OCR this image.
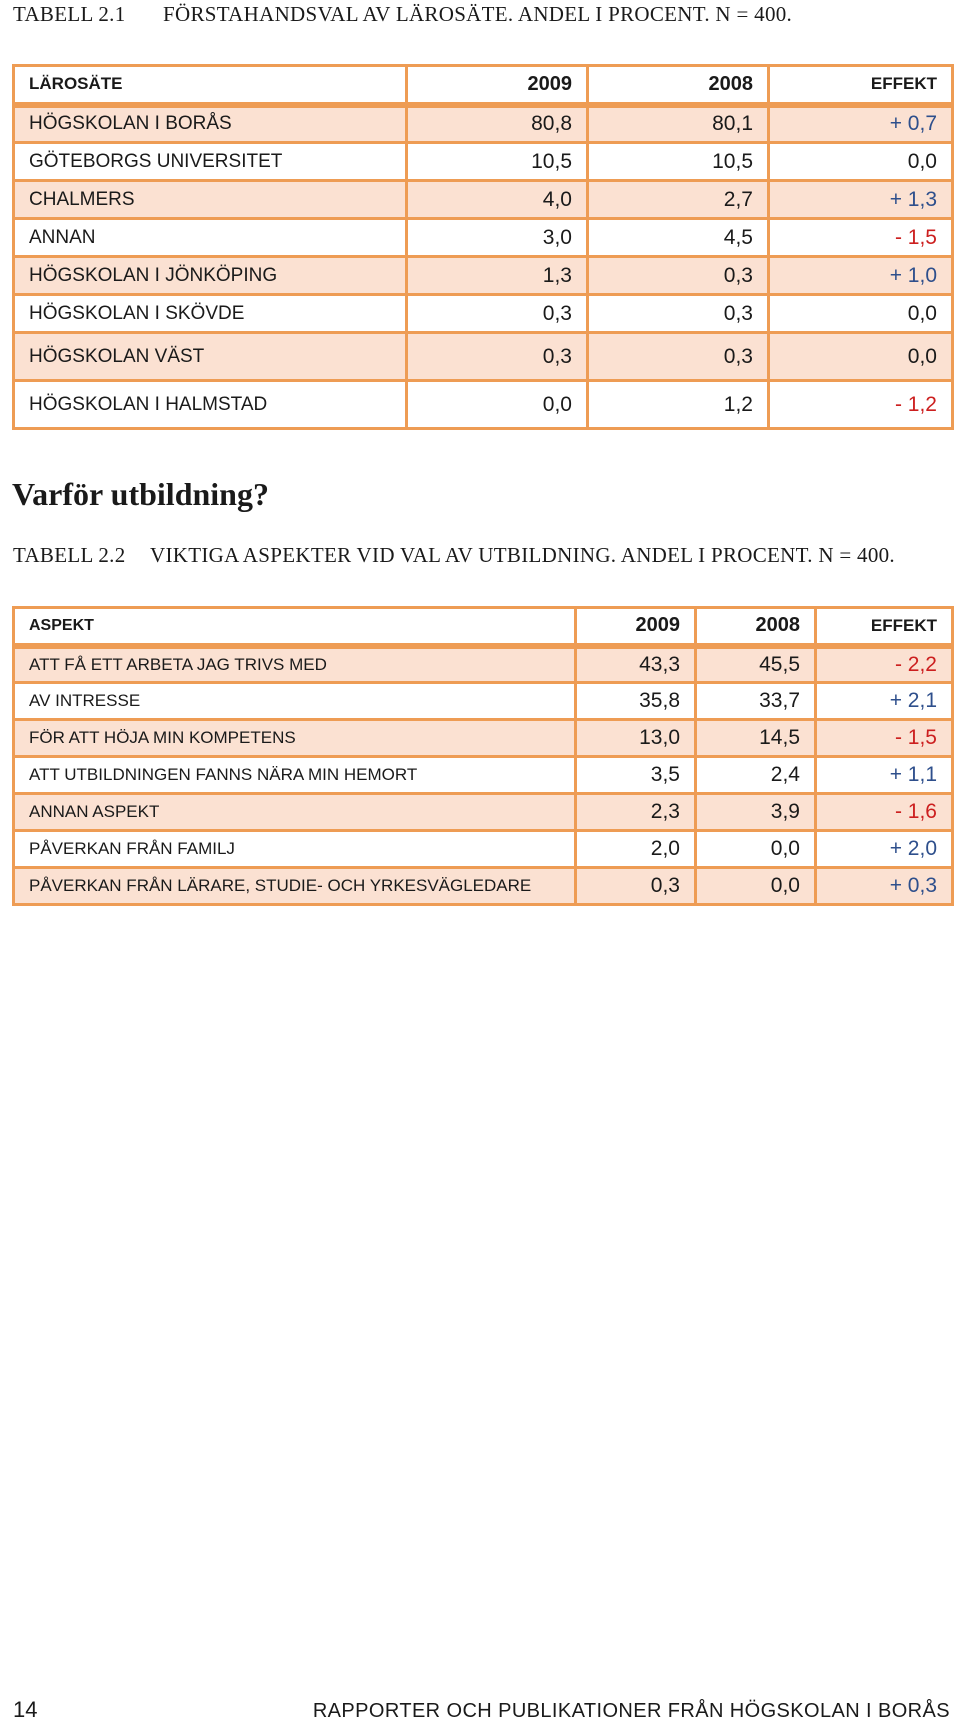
TABELL 2.1 FÖRSTAHANDSVAL AV LÄROSÄTE. ANDEL I PROCENT. N = 400.
LÄROSÄTE	2009	2008	EFFEKT
HÖGSKOLAN I BORÅS	80,8	80,1	+ 0,7
GÖTEBORGS UNIVERSITET	10,5	10,5	0,0
CHALMERS	4,0	2,7	+ 1,3
ANNAN	3,0	4,5	- 1,5
HÖGSKOLAN I JÖNKÖPING	1,3	0,3	+ 1,0
HÖGSKOLAN I SKÖVDE	0,3	0,3	0,0
HÖGSKOLAN VÄST	0,3	0,3	0,0
HÖGSKOLAN I HALMSTAD	0,0	1,2	- 1,2
Varför utbildning?
TABELL 2.2 VIKTIGA ASPEKTER VID VAL AV UTBILDNING. ANDEL I PROCENT. N = 400.
ASPEKT	2009	2008	EFFEKT
ATT FÅ ETT ARBETA JAG TRIVS MED	43,3	45,5	- 2,2
AV INTRESSE	35,8	33,7	+ 2,1
FÖR ATT HÖJA MIN KOMPETENS	13,0	14,5	- 1,5
ATT UTBILDNINGEN FANNS NÄRA MIN HEMORT	3,5	2,4	+ 1,1
ANNAN ASPEKT	2,3	3,9	- 1,6
PÅVERKAN FRÅN FAMILJ	2,0	0,0	+ 2,0
PÅVERKAN FRÅN LÄRARE, STUDIE- OCH YRKESVÄGLEDARE	0,3	0,0	+ 0,3
14	RAPPORTER OCH PUBLIKATIONER FRÅN HÖGSKOLAN I BORÅS
